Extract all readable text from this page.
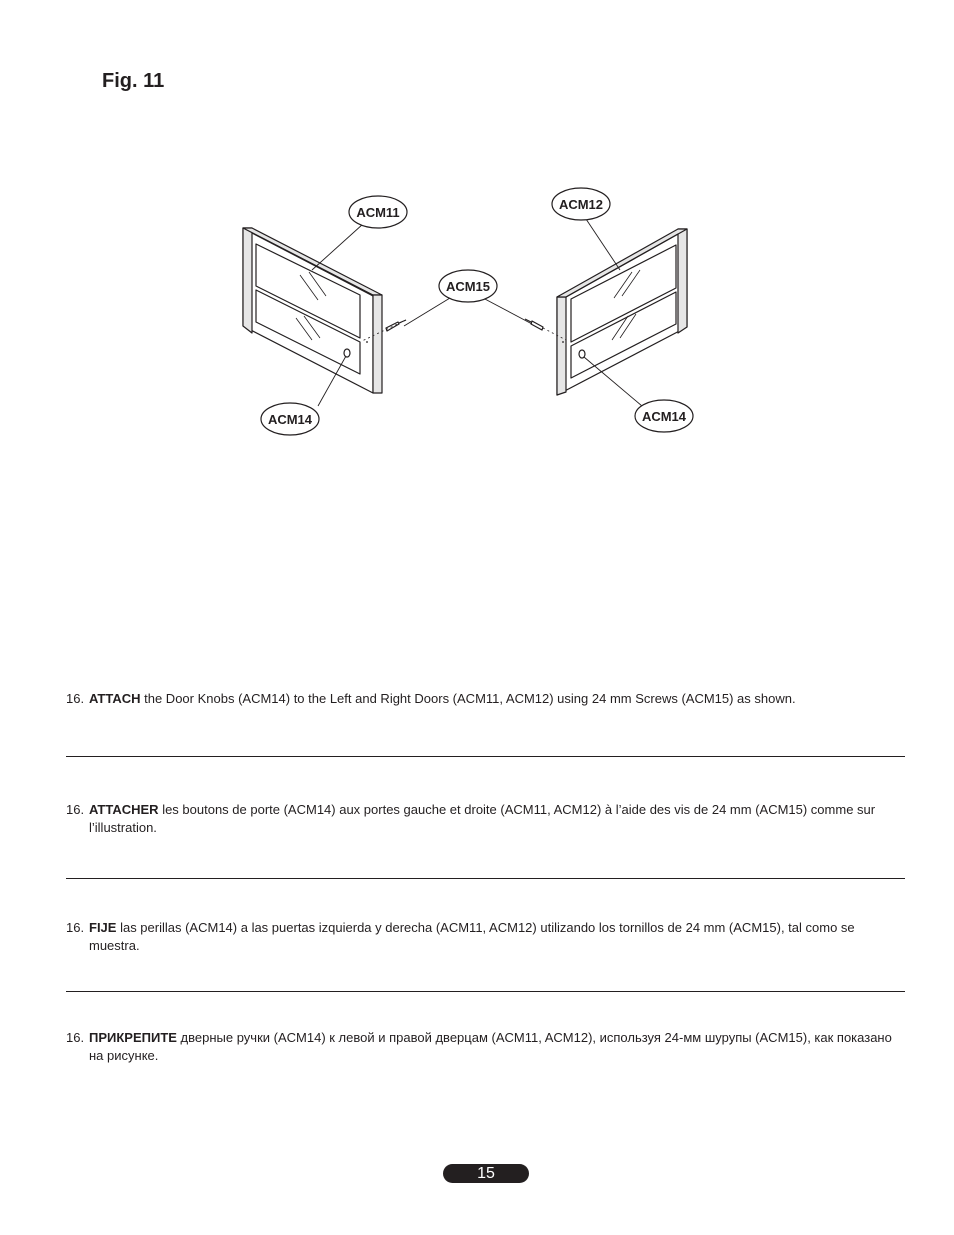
Fig. 11
ACM11
ACM12
ACM15
ACM14	ACM14

16. ATTACH the Door Knobs (ACM14) to the Left and Right Doors (ACM11, ACM12) using 24 mm Screws (ACM15) as shown.

16. ATTACHER les boutons de porte (ACM14) aux portes gauche et droite (ACM11, ACM12) à l’aide des vis de 24 mm (ACM15) comme sur l’illustration.

16. FIJE las perillas (ACM14) a las puertas izquierda y derecha (ACM11, ACM12) utilizando los tornillos de 24 mm (ACM15), tal como se muestra.

16. ПРИКРЕПИТЕ дверные ручки (ACM14) к левой и правой дверцам (ACM11, ACM12), используя 24-мм шурупы (ACM15), как показано на рисунке.

15
